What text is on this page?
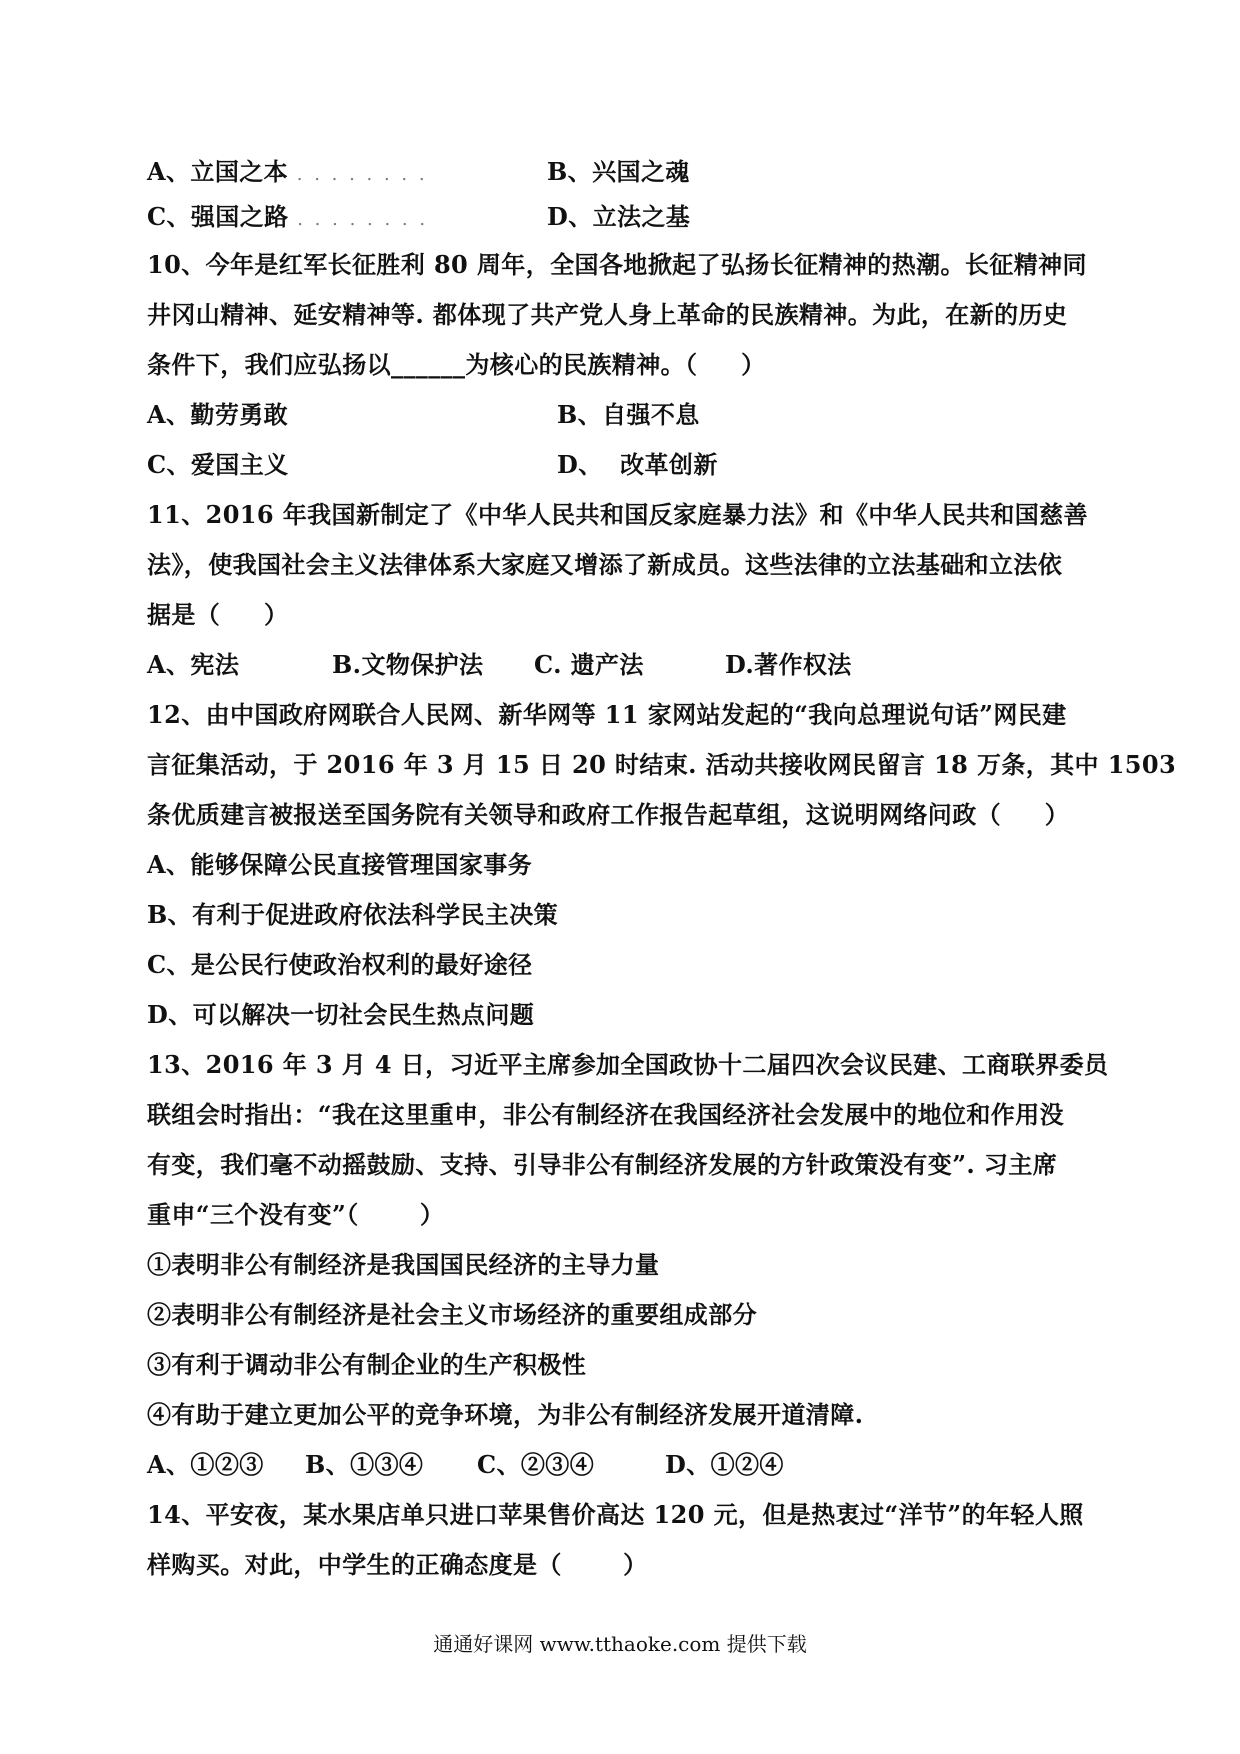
A、立国之本 . . . . . . . .	B、兴国之魂
C、强国之路 . . . . . . . .	D、立法之基
10、今年是红军长征胜利 80 周年，全国各地掀起了弘扬长征精神的热潮。长征精神同
井冈山精神、延安精神等. 都体现了共产党人身上革命的民族精神。为此，在新的历史
条件下，我们应弘扬以______为核心的民族精神。（     ）
A、勤劳勇敢	B、自强不息
C、爱国主义	D、  改革创新
11、2016 年我国新制定了《中华人民共和国反家庭暴力法》和《中华人民共和国慈善
法》，使我国社会主义法律体系大家庭又增添了新成员。这些法律的立法基础和立法依
据是（     ）
A、宪法	B.文物保护法 C. 遗产法	D.著作权法
12、由中国政府网联合人民网、新华网等 11 家网站发起的“我向总理说句话”网民建
言征集活动，于 2016 年 3 月 15 日 20 时结束. 活动共接收网民留言 18 万条，其中 1503
条优质建言被报送至国务院有关领导和政府工作报告起草组，这说明网络问政（     ）
A、能够保障公民直接管理国家事务
B、有利于促进政府依法科学民主决策
C、是公民行使政治权利的最好途径
D、可以解决一切社会民生热点问题
13、2016 年 3 月 4 日，习近平主席参加全国政协十二届四次会议民建、工商联界委员
联组会时指出：“我在这里重申，非公有制经济在我国经济社会发展中的地位和作用没
有变，我们毫不动摇鼓励、支持、引导非公有制经济发展的方针政策没有变”. 习主席
重申“三个没有变”（       ）
①表明非公有制经济是我国国民经济的主导力量
②表明非公有制经济是社会主义市场经济的重要组成部分
③有利于调动非公有制企业的生产积极性
④有助于建立更加公平的竞争环境，为非公有制经济发展开道清障.
A、①②③ B、①③④ C、②③④	D、①②④
14、平安夜，某水果店单只进口苹果售价高达 120 元，但是热衷过“洋节”的年轻人照
样购买。对此，中学生的正确态度是（       ）
通通好课网 www.tthaoke.com 提供下载
